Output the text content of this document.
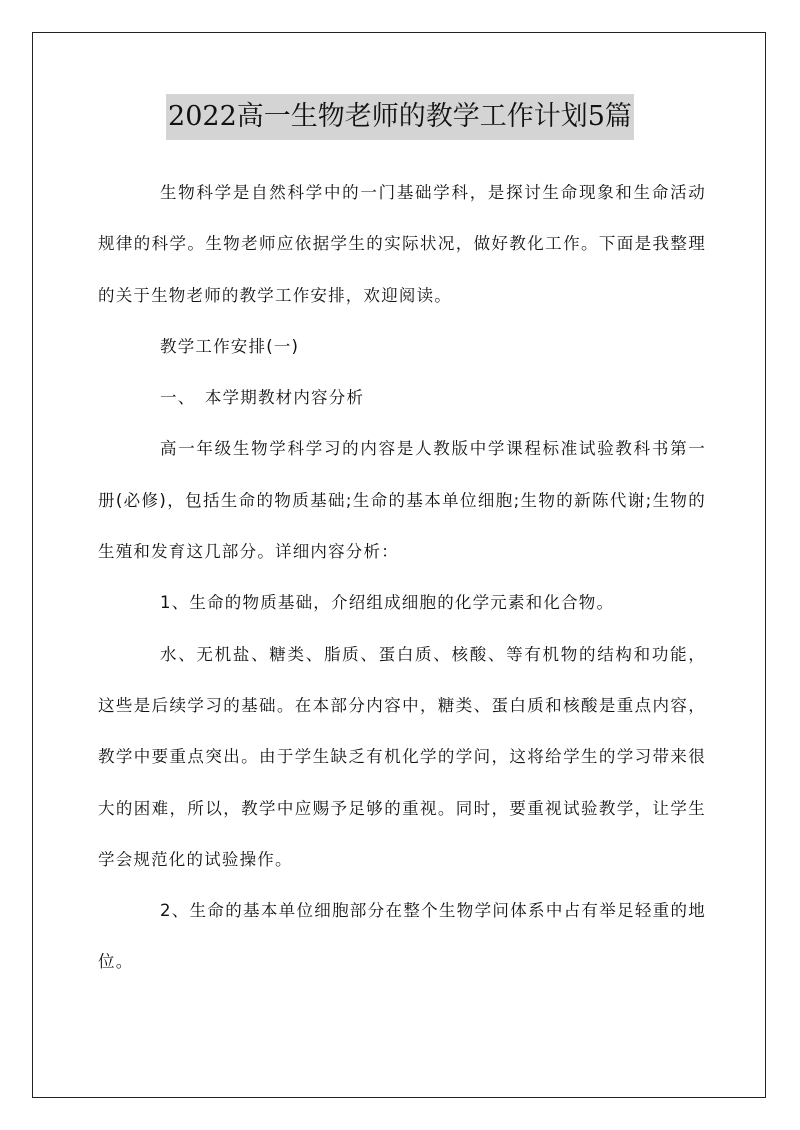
2022高一生物老师的教学工作计划5篇

生物科学是自然科学中的一门基础学科，是探讨生命现象和生命活动规律的科学。生物老师应依据学生的实际状况，做好教化工作。下面是我整理的关于生物老师的教学工作安排，欢迎阅读。

教学工作安排(一)

一、　本学期教材内容分析

高一年级生物学科学习的内容是人教版中学课程标准试验教科书第一册(必修)，包括生命的物质基础;生命的基本单位细胞;生物的新陈代谢;生物的生殖和发育这几部分。详细内容分析：

1、生命的物质基础，介绍组成细胞的化学元素和化合物。

水、无机盐、糖类、脂质、蛋白质、核酸、等有机物的结构和功能，这些是后续学习的基础。在本部分内容中，糖类、蛋白质和核酸是重点内容，教学中要重点突出。由于学生缺乏有机化学的学问，这将给学生的学习带来很大的困难，所以，教学中应赐予足够的重视。同时，要重视试验教学，让学生学会规范化的试验操作。

2、生命的基本单位细胞部分在整个生物学问体系中占有举足轻重的地位。
